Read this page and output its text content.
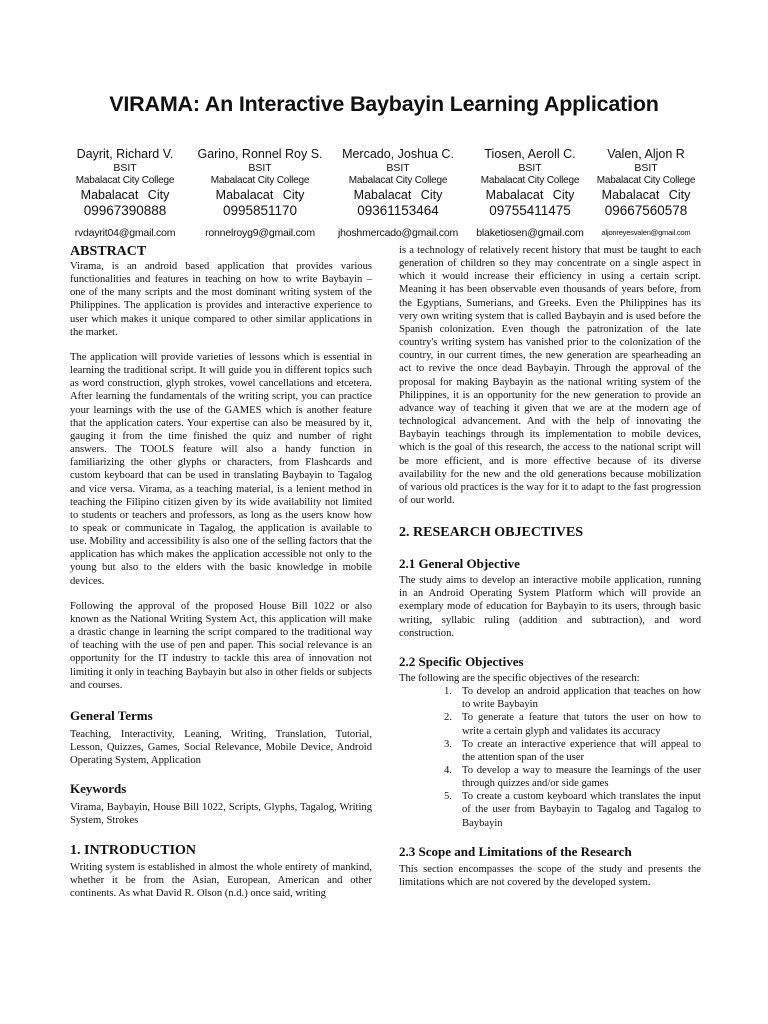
VIRAMA: An Interactive Baybayin Learning Application
Dayrit, Richard V.
BSIT
Mabalacat City College
Mabalacat City
09967390888
rvdayrit04@gmail.com
Garino, Ronnel Roy S.
BSIT
Mabalacat City College
Mabalacat City
0995851170
ronnelroyg9@gmail.com
Mercado, Joshua C.
BSIT
Mabalacat City College
Mabalacat City
09361153464
jhoshmercado@gmail.com
Tiosen, Aeroll C.
BSIT
Mabalacat City College
Mabalacat City
09755411475
blaketiosen@gmail.com
Valen, Aljon R
BSIT
Mabalacat City College
Mabalacat City
09667560578
aljonreyesvalen@gmail.com
ABSTRACT

Virama, is an android based application that provides various functionalities and features in teaching on how to write Baybayin – one of the many scripts and the most dominant writing system of the Philippines. The application is provides and interactive experience to user which makes it unique compared to other similar applications in the market.

The application will provide varieties of lessons which is essential in learning the traditional script. It will guide you in different topics such as word construction, glyph strokes, vowel cancellations and etcetera. After learning the fundamentals of the writing script, you can practice your learnings with the use of the GAMES which is another feature that the application caters. Your expertise can also be measured by it, gauging it from the time finished the quiz and number of right answers. The TOOLS feature will also a handy function in familiarizing the other glyphs or characters, from Flashcards and custom keyboard that can be used in translating Baybayin to Tagalog and vice versa. Virama, as a teaching material, is a lenient method in teaching the Filipino citizen given by its wide availability not limited to students or teachers and professors, as long as the users know how to speak or communicate in Tagalog, the application is available to use. Mobility and accessibility is also one of the selling factors that the application has which makes the application accessible not only to the young but also to the elders with the basic knowledge in mobile devices.

Following the approval of the proposed House Bill 1022 or also known as the National Writing System Act, this application will make a drastic change in learning the script compared to the traditional way of teaching with the use of pen and paper. This social relevance is an opportunity for the IT industry to tackle this area of innovation not limiting it only in teaching Baybayin but also in other fields or subjects and courses.

General Terms

Teaching, Interactivity, Leaning, Writing, Translation, Tutorial, Lesson, Quizzes, Games, Social Relevance, Mobile Device, Android Operating System, Application

Keywords

Virama, Baybayin, House Bill 1022, Scripts, Glyphs, Tagalog, Writing System, Strokes

1. INTRODUCTION

Writing system is established in almost the whole entirety of mankind, whether it be from the Asian, European, American and other continents. As what David R. Olson (n.d.) once said, writing

is a technology of relatively recent history that must be taught to each generation of children so they may concentrate on a single aspect in which it would increase their efficiency in using a certain script. Meaning it has been observable even thousands of years before, from the Egyptians, Sumerians, and Greeks. Even the Philippines has its very own writing system that is called Baybayin and is used before the Spanish colonization. Even though the patronization of the late country's writing system has vanished prior to the colonization of the country, in our current times, the new generation are spearheading an act to revive the once dead Baybayin. Through the approval of the proposal for making Baybayin as the national writing system of the Philippines, it is an opportunity for the new generation to provide an advance way of teaching it given that we are at the modern age of technological advancement. And with the help of innovating the Baybayin teachings through its implementation to mobile devices, which is the goal of this research, the access to the national script will be more efficient, and is more effective because of its diverse availability for the new and the old generations because mobilization of various old practices is the way for it to adapt to the fast progression of our world.

2. RESEARCH OBJECTIVES
2.1 General Objective

The study aims to develop an interactive mobile application, running in an Android Operating System Platform which will provide an exemplary mode of education for Baybayin to its users, through basic writing, syllabic ruling (addition and subtraction), and word construction.

2.2 Specific Objectives

The following are the specific objectives of the research:

1. To develop an android application that teaches on how to write Baybayin
2. To generate a feature that tutors the user on how to write a certain glyph and validates its accuracy
3. To create an interactive experience that will appeal to the attention span of the user
4. To develop a way to measure the learnings of the user through quizzes and/or side games
5. To create a custom keyboard which translates the input of the user from Baybayin to Tagalog and Tagalog to Baybayin
2.3 Scope and Limitations of the Research

This section encompasses the scope of the study and presents the limitations which are not covered by the developed system.
